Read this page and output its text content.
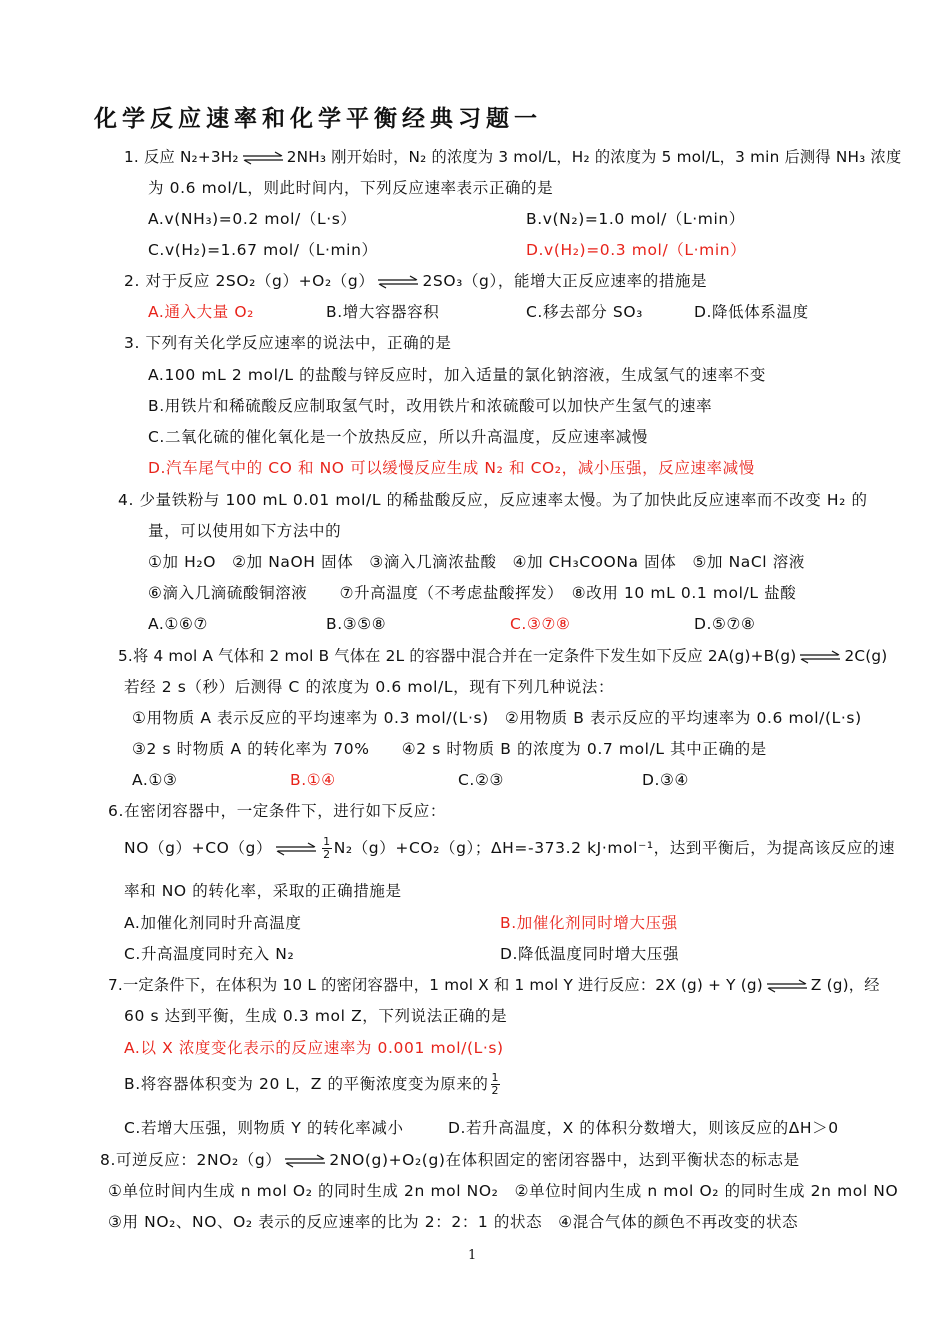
化学反应速率和化学平衡经典习题一
1. 反应 N₂+3H₂ ⇌ 2NH₃ 刚开始时，N₂ 的浓度为 3 mol/L，H₂ 的浓度为 5 mol/L，3 min 后测得 NH₃ 浓度
为 0.6 mol/L，则此时间内，下列反应速率表示正确的是
A.v(NH₃)=0.2 mol/（L·s）	B.v(N₂)=1.0 mol/（L·min）
C.v(H₂)=1.67 mol/（L·min）	D.v(H₂)=0.3 mol/（L·min）
2. 对于反应 2SO₂（g）+O₂（g） ⇌ 2SO₃（g），能增大正反应速率的措施是
A.通入大量 O₂	B.增大容器容积	C.移去部分 SO₃	D.降低体系温度
3. 下列有关化学反应速率的说法中，正确的是
A.100 mL 2 mol/L 的盐酸与锌反应时，加入适量的氯化钠溶液，生成氢气的速率不变
B.用铁片和稀硫酸反应制取氢气时，改用铁片和浓硫酸可以加快产生氢气的速率
C.二氧化硫的催化氧化是一个放热反应，所以升高温度，反应速率减慢
D.汽车尾气中的 CO 和 NO 可以缓慢反应生成 N₂ 和 CO₂，减小压强，反应速率减慢
4. 少量铁粉与 100 mL 0.01 mol/L 的稀盐酸反应，反应速率太慢。为了加快此反应速率而不改变 H₂ 的
量，可以使用如下方法中的
①加 H₂O　②加 NaOH 固体　③滴入几滴浓盐酸　④加 CH₃COONa 固体　⑤加 NaCl 溶液
⑥滴入几滴硫酸铜溶液　　⑦升高温度（不考虑盐酸挥发）　⑧改用 10 mL 0.1 mol/L 盐酸
A.①⑥⑦	B.③⑤⑧	C.③⑦⑧	D.⑤⑦⑧
5.将 4 mol A 气体和 2 mol B 气体在 2L 的容器中混合并在一定条件下发生如下反应 2A(g)+B(g) ⇌ 2C(g)
若经 2 s（秒）后测得 C 的浓度为 0.6 mol/L，现有下列几种说法：
①用物质 A 表示反应的平均速率为 0.3 mol/(L·s)　②用物质 B 表示反应的平均速率为 0.6 mol/(L·s)
③2 s 时物质 A 的转化率为 70%　　④2 s 时物质 B 的浓度为 0.7 mol/L 其中正确的是
A.①③	B.①④	C.②③	D.③④
6.在密闭容器中，一定条件下，进行如下反应：
NO（g）+CO（g） ⇌ $\frac{1}{2} N_2(g)+CO_2(g)$；ΔH=-373.2 kJ·mol⁻¹，达到平衡后，为提高该反应的速
率和 NO 的转化率，采取的正确措施是
A.加催化剂同时升高温度	B.加催化剂同时增大压强
C.升高温度同时充入 N₂	D.降低温度同时增大压强
7.一定条件下，在体积为 10 L 的密闭容器中，1 mol X 和 1 mol Y 进行反应：2X (g) + Y (g) ⇌ Z (g)，经
60 s 达到平衡，生成 0.3 mol Z，下列说法正确的是
A.以 X 浓度变化表示的反应速率为 0.001 mol/(L·s)
B.将容器体积变为 20 L，Z 的平衡浓度变为原来的 $\frac{1}{2}$
C.若增大压强，则物质 Y 的转化率减小	D.若升高温度，X 的体积分数增大，则该反应的ΔH＞0
8.可逆反应：2NO₂（g） ⇌ 2NO(g)+O₂(g)在体积固定的密闭容器中，达到平衡状态的标志是
①单位时间内生成 n mol O₂ 的同时生成 2n mol NO₂　②单位时间内生成 n mol O₂ 的同时生成 2n mol NO
③用 NO₂、NO、O₂ 表示的反应速率的比为 2：2：1 的状态　④混合气体的颜色不再改变的状态
1
